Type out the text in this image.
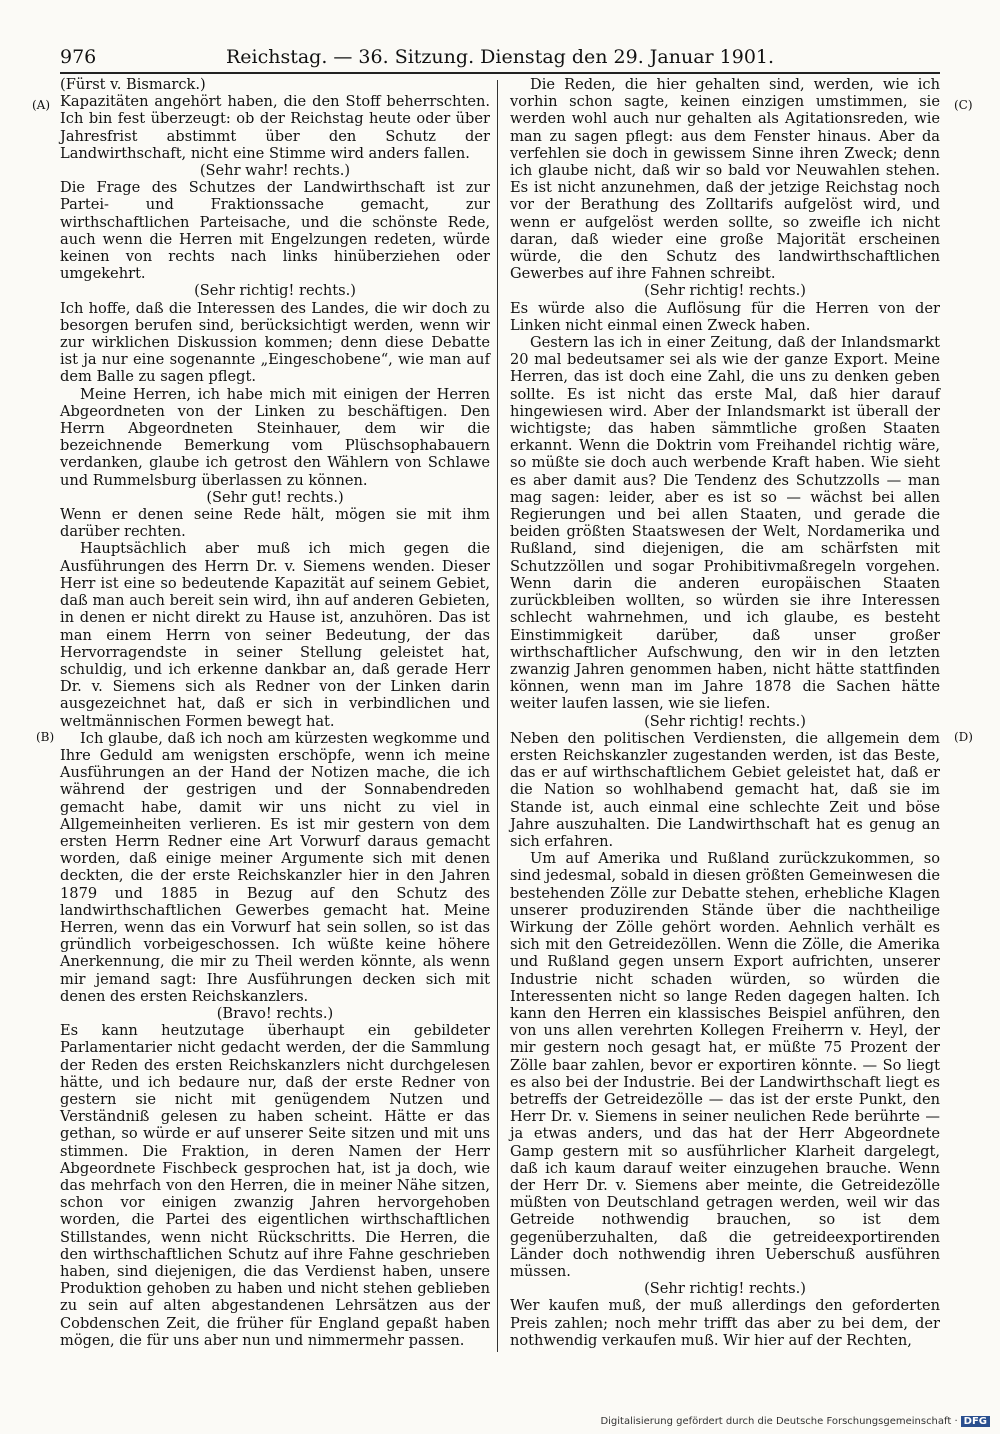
976	Reichstag. — 36. Sitzung. Dienstag den 29. Januar 1901.
(A)
(B)
(C)
(D)

(Fürst v. Bismarck.)

Kapazitäten angehört haben, die den Stoff beherrschten. Ich bin fest überzeugt: ob der Reichstag heute oder über Jahresfrist abstimmt über den Schutz der Landwirthschaft, nicht eine Stimme wird anders fallen.

(Sehr wahr! rechts.)

Die Frage des Schutzes der Landwirthschaft ist zur Partei- und Fraktionssache gemacht, zur wirthschaftlichen Parteisache, und die schönste Rede, auch wenn die Herren mit Engelzungen redeten, würde keinen von rechts nach links hinüberziehen oder umgekehrt.

(Sehr richtig! rechts.)

Ich hoffe, daß die Interessen des Landes, die wir doch zu besorgen berufen sind, berücksichtigt werden, wenn wir zur wirklichen Diskussion kommen; denn diese Debatte ist ja nur eine sogenannte „Eingeschobene“, wie man auf dem Balle zu sagen pflegt.

Meine Herren, ich habe mich mit einigen der Herren Abgeordneten von der Linken zu beschäftigen. Den Herrn Abgeordneten Steinhauer, dem wir die bezeichnende Bemerkung vom Plüschsophabauern verdanken, glaube ich getrost den Wählern von Schlawe und Rummelsburg überlassen zu können.

(Sehr gut! rechts.)

Wenn er denen seine Rede hält, mögen sie mit ihm darüber rechten.

Hauptsächlich aber muß ich mich gegen die Ausführungen des Herrn Dr. v. Siemens wenden. Dieser Herr ist eine so bedeutende Kapazität auf seinem Gebiet, daß man auch bereit sein wird, ihn auf anderen Gebieten, in denen er nicht direkt zu Hause ist, anzuhören. Das ist man einem Herrn von seiner Bedeutung, der das Hervorragendste in seiner Stellung geleistet hat, schuldig, und ich erkenne dankbar an, daß gerade Herr Dr. v. Siemens sich als Redner von der Linken darin ausgezeichnet hat, daß er sich in verbindlichen und weltmännischen Formen bewegt hat.

Ich glaube, daß ich noch am kürzesten wegkomme und Ihre Geduld am wenigsten erschöpfe, wenn ich meine Ausführungen an der Hand der Notizen mache, die ich während der gestrigen und der Sonnabendreden gemacht habe, damit wir uns nicht zu viel in Allgemeinheiten verlieren. Es ist mir gestern von dem ersten Herrn Redner eine Art Vorwurf daraus gemacht worden, daß einige meiner Argumente sich mit denen deckten, die der erste Reichskanzler hier in den Jahren 1879 und 1885 in Bezug auf den Schutz des landwirthschaftlichen Gewerbes gemacht hat. Meine Herren, wenn das ein Vorwurf hat sein sollen, so ist das gründlich vorbeigeschossen. Ich wüßte keine höhere Anerkennung, die mir zu Theil werden könnte, als wenn mir jemand sagt: Ihre Ausführungen decken sich mit denen des ersten Reichskanzlers.

(Bravo! rechts.)

Es kann heutzutage überhaupt ein gebildeter Parlamentarier nicht gedacht werden, der die Sammlung der Reden des ersten Reichskanzlers nicht durchgelesen hätte, und ich bedaure nur, daß der erste Redner von gestern sie nicht mit genügendem Nutzen und Verständniß gelesen zu haben scheint. Hätte er das gethan, so würde er auf unserer Seite sitzen und mit uns stimmen. Die Fraktion, in deren Namen der Herr Abgeordnete Fischbeck gesprochen hat, ist ja doch, wie das mehrfach von den Herren, die in meiner Nähe sitzen, schon vor einigen zwanzig Jahren hervorgehoben worden, die Partei des eigentlichen wirthschaftlichen Stillstandes, wenn nicht Rückschritts. Die Herren, die den wirthschaftlichen Schutz auf ihre Fahne geschrieben haben, sind diejenigen, die das Verdienst haben, unsere Produktion gehoben zu haben und nicht stehen geblieben zu sein auf alten abgestandenen Lehrsätzen aus der Cobdenschen Zeit, die früher für England gepaßt haben mögen, die für uns aber nun und nimmermehr passen.

Die Reden, die hier gehalten sind, werden, wie ich vorhin schon sagte, keinen einzigen umstimmen, sie werden wohl auch nur gehalten als Agitationsreden, wie man zu sagen pflegt: aus dem Fenster hinaus. Aber da verfehlen sie doch in gewissem Sinne ihren Zweck; denn ich glaube nicht, daß wir so bald vor Neuwahlen stehen. Es ist nicht anzunehmen, daß der jetzige Reichstag noch vor der Berathung des Zolltarifs aufgelöst wird, und wenn er aufgelöst werden sollte, so zweifle ich nicht daran, daß wieder eine große Majorität erscheinen würde, die den Schutz des landwirthschaftlichen Gewerbes auf ihre Fahnen schreibt.

(Sehr richtig! rechts.)

Es würde also die Auflösung für die Herren von der Linken nicht einmal einen Zweck haben.

Gestern las ich in einer Zeitung, daß der Inlandsmarkt 20 mal bedeutsamer sei als wie der ganze Export. Meine Herren, das ist doch eine Zahl, die uns zu denken geben sollte. Es ist nicht das erste Mal, daß hier darauf hingewiesen wird. Aber der Inlandsmarkt ist überall der wichtigste; das haben sämmtliche großen Staaten erkannt. Wenn die Doktrin vom Freihandel richtig wäre, so müßte sie doch auch werbende Kraft haben. Wie sieht es aber damit aus? Die Tendenz des Schutzzolls — man mag sagen: leider, aber es ist so — wächst bei allen Regierungen und bei allen Staaten, und gerade die beiden größten Staatswesen der Welt, Nordamerika und Rußland, sind diejenigen, die am schärfsten mit Schutzzöllen und sogar Prohibitivmaßregeln vorgehen. Wenn darin die anderen europäischen Staaten zurückbleiben wollten, so würden sie ihre Interessen schlecht wahrnehmen, und ich glaube, es besteht Einstimmigkeit darüber, daß unser großer wirthschaftlicher Aufschwung, den wir in den letzten zwanzig Jahren genommen haben, nicht hätte stattfinden können, wenn man im Jahre 1878 die Sachen hätte weiter laufen lassen, wie sie liefen.

(Sehr richtig! rechts.)

Neben den politischen Verdiensten, die allgemein dem ersten Reichskanzler zugestanden werden, ist das Beste, das er auf wirthschaftlichem Gebiet geleistet hat, daß er die Nation so wohlhabend gemacht hat, daß sie im Stande ist, auch einmal eine schlechte Zeit und böse Jahre auszuhalten. Die Landwirthschaft hat es genug an sich erfahren.

Um auf Amerika und Rußland zurückzukommen, so sind jedesmal, sobald in diesen größten Gemeinwesen die bestehenden Zölle zur Debatte stehen, erhebliche Klagen unserer produzirenden Stände über die nachtheilige Wirkung der Zölle gehört worden. Aehnlich verhält es sich mit den Getreidezöllen. Wenn die Zölle, die Amerika und Rußland gegen unsern Export aufrichten, unserer Industrie nicht schaden würden, so würden die Interessenten nicht so lange Reden dagegen halten. Ich kann den Herren ein klassisches Beispiel anführen, den von uns allen verehrten Kollegen Freiherrn v. Heyl, der mir gestern noch gesagt hat, er müßte 75 Prozent der Zölle baar zahlen, bevor er exportiren könnte. — So liegt es also bei der Industrie. Bei der Landwirthschaft liegt es betreffs der Getreidezölle — das ist der erste Punkt, den Herr Dr. v. Siemens in seiner neulichen Rede berührte — ja etwas anders, und das hat der Herr Abgeordnete Gamp gestern mit so ausführlicher Klarheit dargelegt, daß ich kaum darauf weiter einzugehen brauche. Wenn der Herr Dr. v. Siemens aber meinte, die Getreidezölle müßten von Deutschland getragen werden, weil wir das Getreide nothwendig brauchen, so ist dem gegenüberzuhalten, daß die getreideexportirenden Länder doch nothwendig ihren Ueberschuß ausführen müssen.

(Sehr richtig! rechts.)

Wer kaufen muß, der muß allerdings den geforderten Preis zahlen; noch mehr trifft das aber zu bei dem, der nothwendig verkaufen muß. Wir hier auf der Rechten,

Digitalisierung gefördert durch die Deutsche Forschungsgemeinschaft · DFG
